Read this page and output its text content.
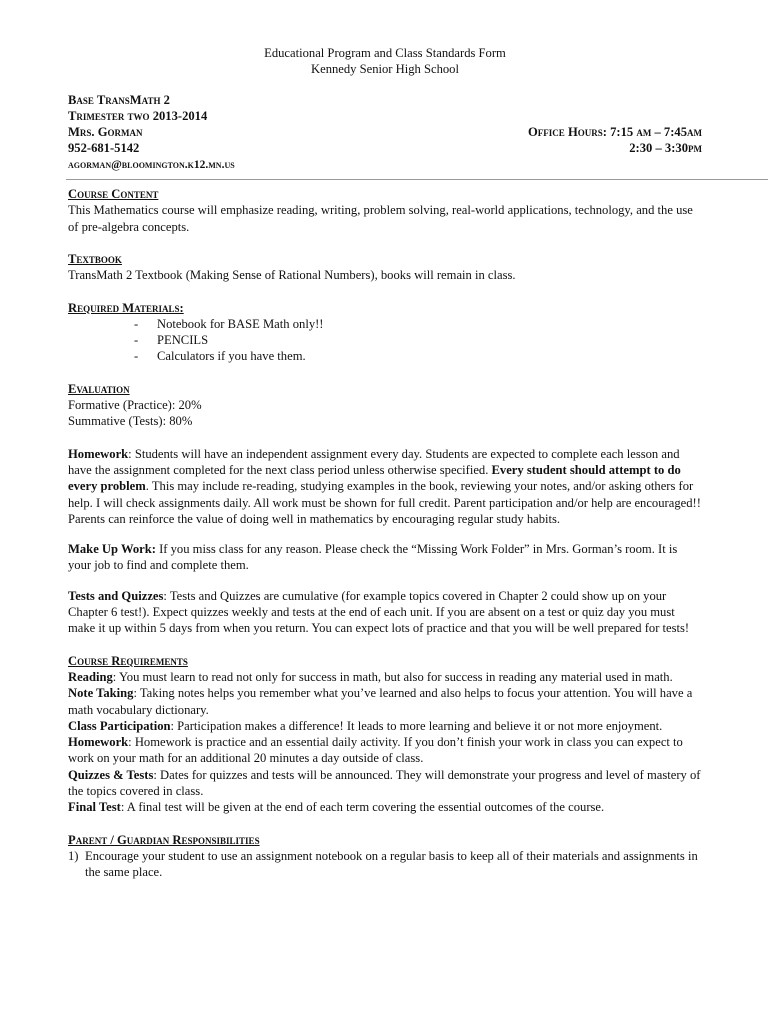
Educational Program and Class Standards Form
Kennedy Senior High School
Base TransMath 2
Trimester two 2013-2014
Mrs. Gorman	Office Hours: 7:15 am – 7:45am
952-681-5142	2:30 – 3:30pm
agorman@bloomington.k12.mn.us
Course Content

This Mathematics course will emphasize reading, writing, problem solving, real-world applications, technology, and the use of pre-algebra concepts.

Textbook

TransMath 2 Textbook (Making Sense of Rational Numbers), books will remain in class.

Required Materials:
- Notebook for BASE Math only!!
- PENCILS
- Calculators if you have them.
Evaluation
Formative (Practice): 20%
Summative (Tests): 80%

Homework: Students will have an independent assignment every day. Students are expected to complete each lesson and have the assignment completed for the next class period unless otherwise specified. Every student should attempt to do every problem. This may include re-reading, studying examples in the book, reviewing your notes, and/or asking others for help. I will check assignments daily. All work must be shown for full credit. Parent participation and/or help are encouraged!! Parents can reinforce the value of doing well in mathematics by encouraging regular study habits.

Make Up Work: If you miss class for any reason. Please check the “Missing Work Folder” in Mrs. Gorman’s room. It is your job to find and complete them.

Tests and Quizzes: Tests and Quizzes are cumulative (for example topics covered in Chapter 2 could show up on your Chapter 6 test!). Expect quizzes weekly and tests at the end of each unit. If you are absent on a test or quiz day you must make it up within 5 days from when you return. You can expect lots of practice and that you will be well prepared for tests!

Course Requirements

Reading: You must learn to read not only for success in math, but also for success in reading any material used in math.

Note Taking: Taking notes helps you remember what you’ve learned and also helps to focus your attention. You will have a math vocabulary dictionary.

Class Participation: Participation makes a difference! It leads to more learning and believe it or not more enjoyment.

Homework: Homework is practice and an essential daily activity. If you don’t finish your work in class you can expect to work on your math for an additional 20 minutes a day outside of class.

Quizzes & Tests: Dates for quizzes and tests will be announced. They will demonstrate your progress and level of mastery of the topics covered in class.

Final Test: A final test will be given at the end of each term covering the essential outcomes of the course.

Parent / Guardian Responsibilities
1) Encourage your student to use an assignment notebook on a regular basis to keep all of their materials and assignments in the same place.
